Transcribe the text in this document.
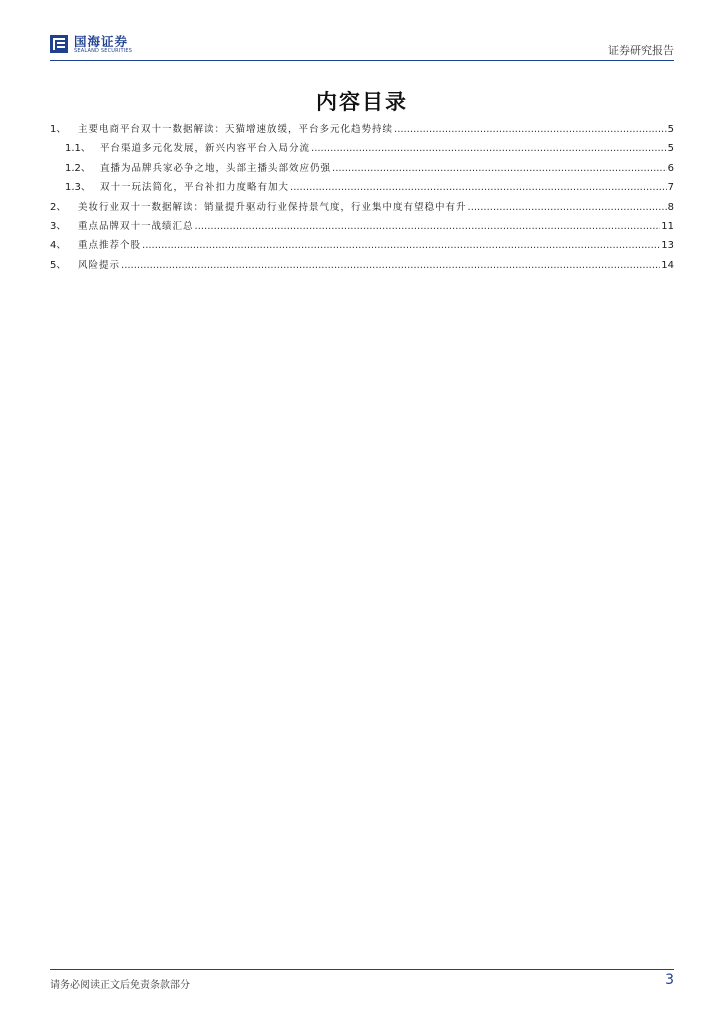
国海证券
SEALAND SECURITIES	证券研究报告
内容目录
1、	主要电商平台双十一数据解读：天猫增速放缓，平台多元化趋势持续 .....	5
1.1、 平台渠道多元化发展，新兴内容平台入局分流 .....	5
1.2、 直播为品牌兵家必争之地，头部主播头部效应仍强 .....	6
1.3、 双十一玩法简化，平台补扣力度略有加大 .....	7
2、	美妆行业双十一数据解读：销量提升驱动行业保持景气度，行业集中度有望稳中有升 .....	8
3、	重点品牌双十一战绩汇总 .....	11
4、	重点推荐个股 .....	13
5、	风险提示 .....	14
请务必阅读正文后免责条款部分	3
